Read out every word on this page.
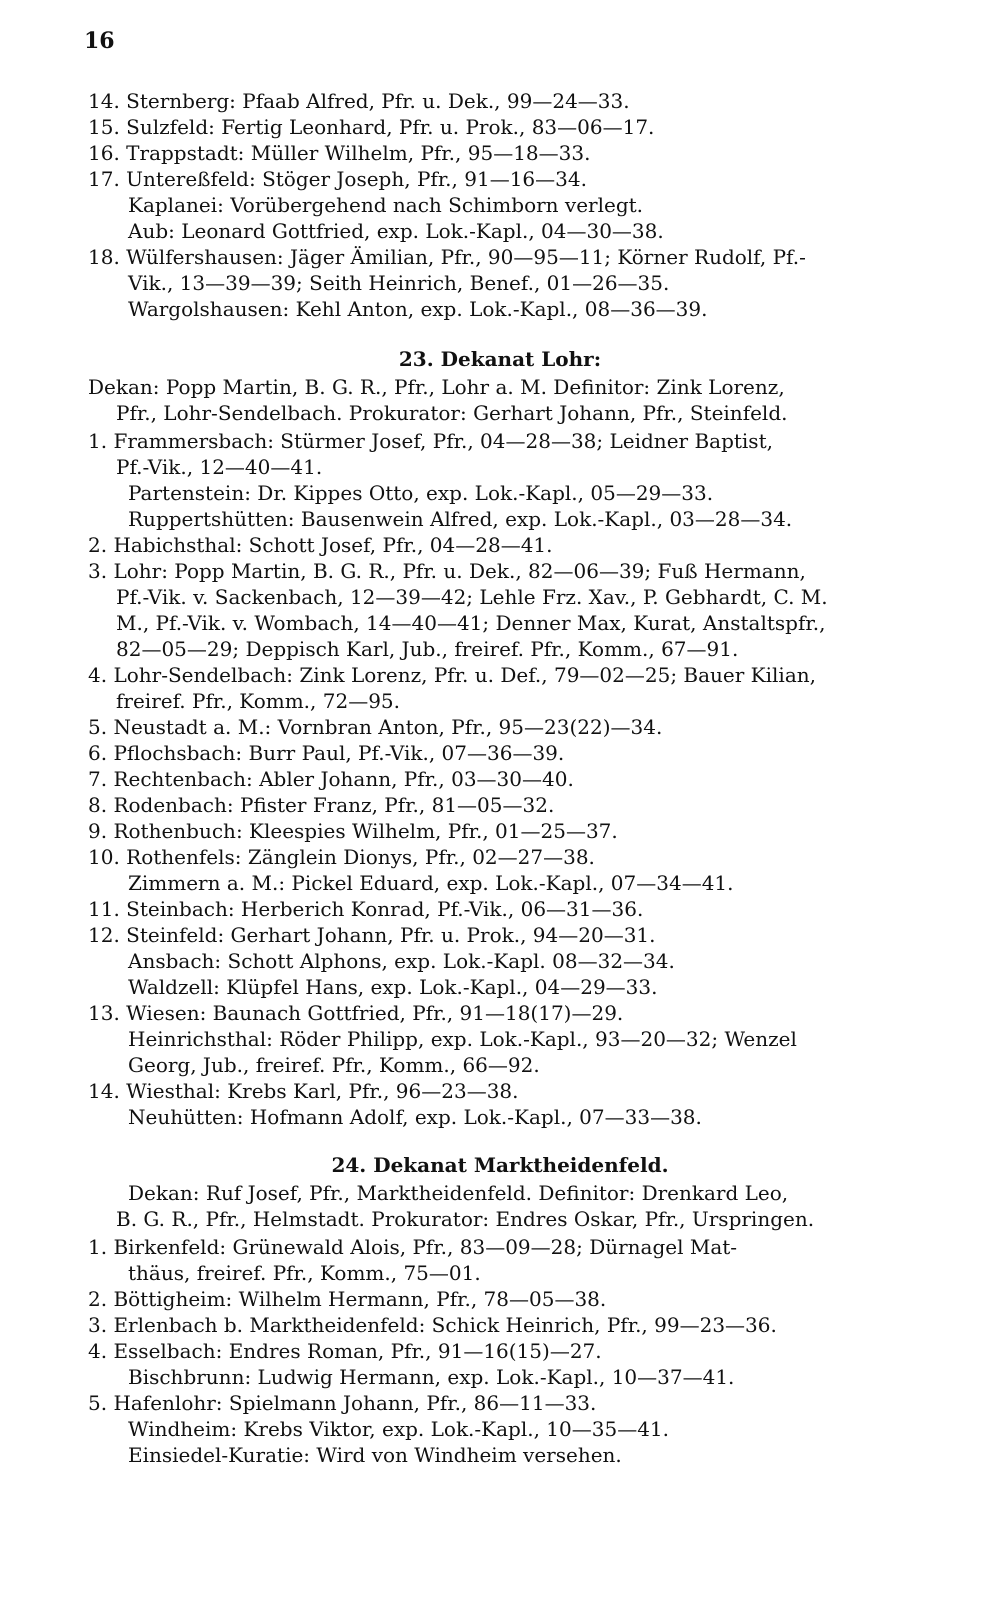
16
14. Sternberg: Pfaab Alfred, Pfr. u. Dek., 99—24—33.
15. Sulzfeld: Fertig Leonhard, Pfr. u. Prok., 83—06—17.
16. Trappstadt: Müller Wilhelm, Pfr., 95—18—33.
17. Untereßfeld: Stöger Joseph, Pfr., 91—16—34.
Kaplanei: Vorübergehend nach Schimborn verlegt.
Aub: Leonard Gottfried, exp. Lok.-Kapl., 04—30—38.
18. Wülfershausen: Jäger Ämilian, Pfr., 90—95—11; Körner Rudolf, Pf.-
Vik., 13—39—39; Seith Heinrich, Benef., 01—26—35.
Wargolshausen: Kehl Anton, exp. Lok.-Kapl., 08—36—39.
23. Dekanat Lohr:
Dekan: Popp Martin, B. G. R., Pfr., Lohr a. M. Definitor: Zink Lorenz,
Pfr., Lohr-Sendelbach. Prokurator: Gerhart Johann, Pfr., Steinfeld.
1. Frammersbach: Stürmer Josef, Pfr., 04—28—38; Leidner Baptist,
Pf.-Vik., 12—40—41.
Partenstein: Dr. Kippes Otto, exp. Lok.-Kapl., 05—29—33.
Ruppertshütten: Bausenwein Alfred, exp. Lok.-Kapl., 03—28—34.
2. Habichsthal: Schott Josef, Pfr., 04—28—41.
3. Lohr: Popp Martin, B. G. R., Pfr. u. Dek., 82—06—39; Fuß Hermann,
Pf.-Vik. v. Sackenbach, 12—39—42; Lehle Frz. Xav., P. Gebhardt, C. M.
M., Pf.-Vik. v. Wombach, 14—40—41; Denner Max, Kurat, Anstaltspfr.,
82—05—29; Deppisch Karl, Jub., freiref. Pfr., Komm., 67—91.
4. Lohr-Sendelbach: Zink Lorenz, Pfr. u. Def., 79—02—25; Bauer Kilian,
freiref. Pfr., Komm., 72—95.
5. Neustadt a. M.: Vornbran Anton, Pfr., 95—23(22)—34.
6. Pflochsbach: Burr Paul, Pf.-Vik., 07—36—39.
7. Rechtenbach: Abler Johann, Pfr., 03—30—40.
8. Rodenbach: Pfister Franz, Pfr., 81—05—32.
9. Rothenbuch: Kleespies Wilhelm, Pfr., 01—25—37.
10. Rothenfels: Zänglein Dionys, Pfr., 02—27—38.
Zimmern a. M.: Pickel Eduard, exp. Lok.-Kapl., 07—34—41.
11. Steinbach: Herberich Konrad, Pf.-Vik., 06—31—36.
12. Steinfeld: Gerhart Johann, Pfr. u. Prok., 94—20—31.
Ansbach: Schott Alphons, exp. Lok.-Kapl. 08—32—34.
Waldzell: Klüpfel Hans, exp. Lok.-Kapl., 04—29—33.
13. Wiesen: Baunach Gottfried, Pfr., 91—18(17)—29.
Heinrichsthal: Röder Philipp, exp. Lok.-Kapl., 93—20—32; Wenzel
Georg, Jub., freiref. Pfr., Komm., 66—92.
14. Wiesthal: Krebs Karl, Pfr., 96—23—38.
Neuhütten: Hofmann Adolf, exp. Lok.-Kapl., 07—33—38.
24. Dekanat Marktheidenfeld.
Dekan: Ruf Josef, Pfr., Marktheidenfeld. Definitor: Drenkard Leo,
B. G. R., Pfr., Helmstadt. Prokurator: Endres Oskar, Pfr., Urspringen.
1. Birkenfeld: Grünewald Alois, Pfr., 83—09—28; Dürnagel Mat-
thäus, freiref. Pfr., Komm., 75—01.
2. Böttigheim: Wilhelm Hermann, Pfr., 78—05—38.
3. Erlenbach b. Marktheidenfeld: Schick Heinrich, Pfr., 99—23—36.
4. Esselbach: Endres Roman, Pfr., 91—16(15)—27.
Bischbrunn: Ludwig Hermann, exp. Lok.-Kapl., 10—37—41.
5. Hafenlohr: Spielmann Johann, Pfr., 86—11—33.
Windheim: Krebs Viktor, exp. Lok.-Kapl., 10—35—41.
Einsiedel-Kuratie: Wird von Windheim versehen.
